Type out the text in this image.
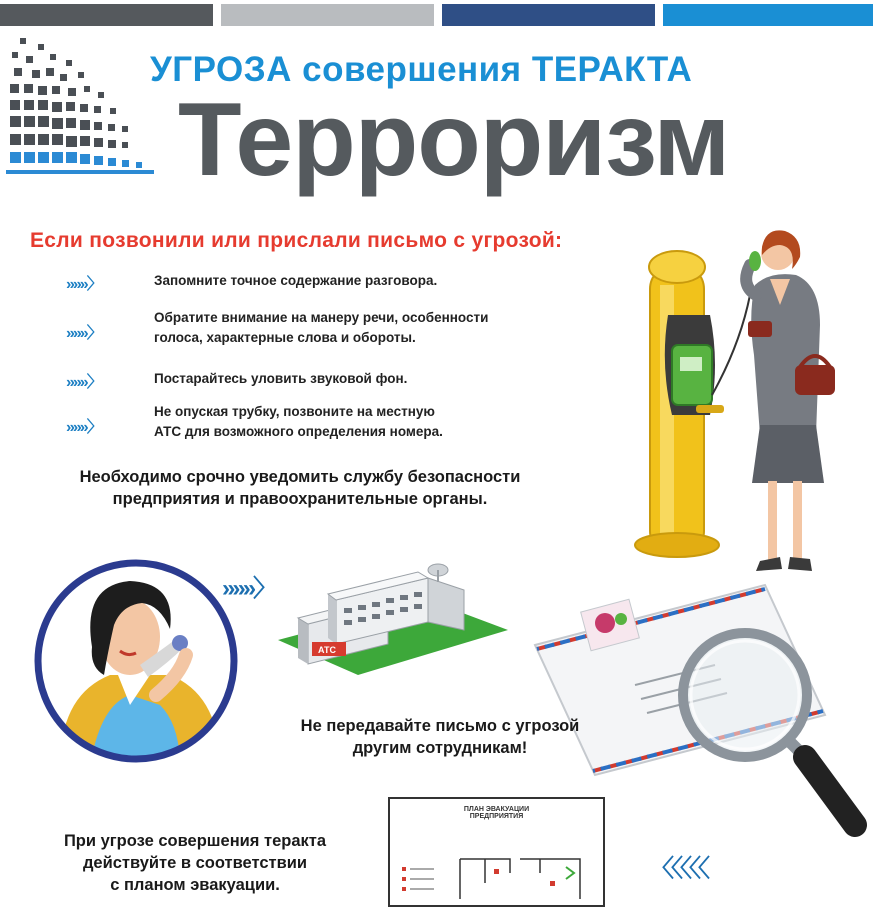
УГРОЗА совершения ТЕРАКТА
Терроризм
Если позвонили или прислали письмо с угрозой:
»»»〉	Запомните точное содержание разговора.
»»»〉
Обратите внимание на манеру речи, особенности
голоса, характерные слова и обороты.
»»»〉	Постарайтесь уловить звуковой фон.
»»»〉
Не опуская трубку, позвоните на местную
АТС для возможного определения номера.
Необходимо срочно уведомить службу безопасности
предприятия и правоохранительные органы.
»»»〉
АТС
Не передавайте письмо с угрозой
другим сотрудникам!
При угрозе совершения теракта
действуйте в соответствии
с планом эвакуации.
ПЛАН ЭВАКУАЦИИ
ПРЕДПРИЯТИЯ
〈〈〈〈〈
